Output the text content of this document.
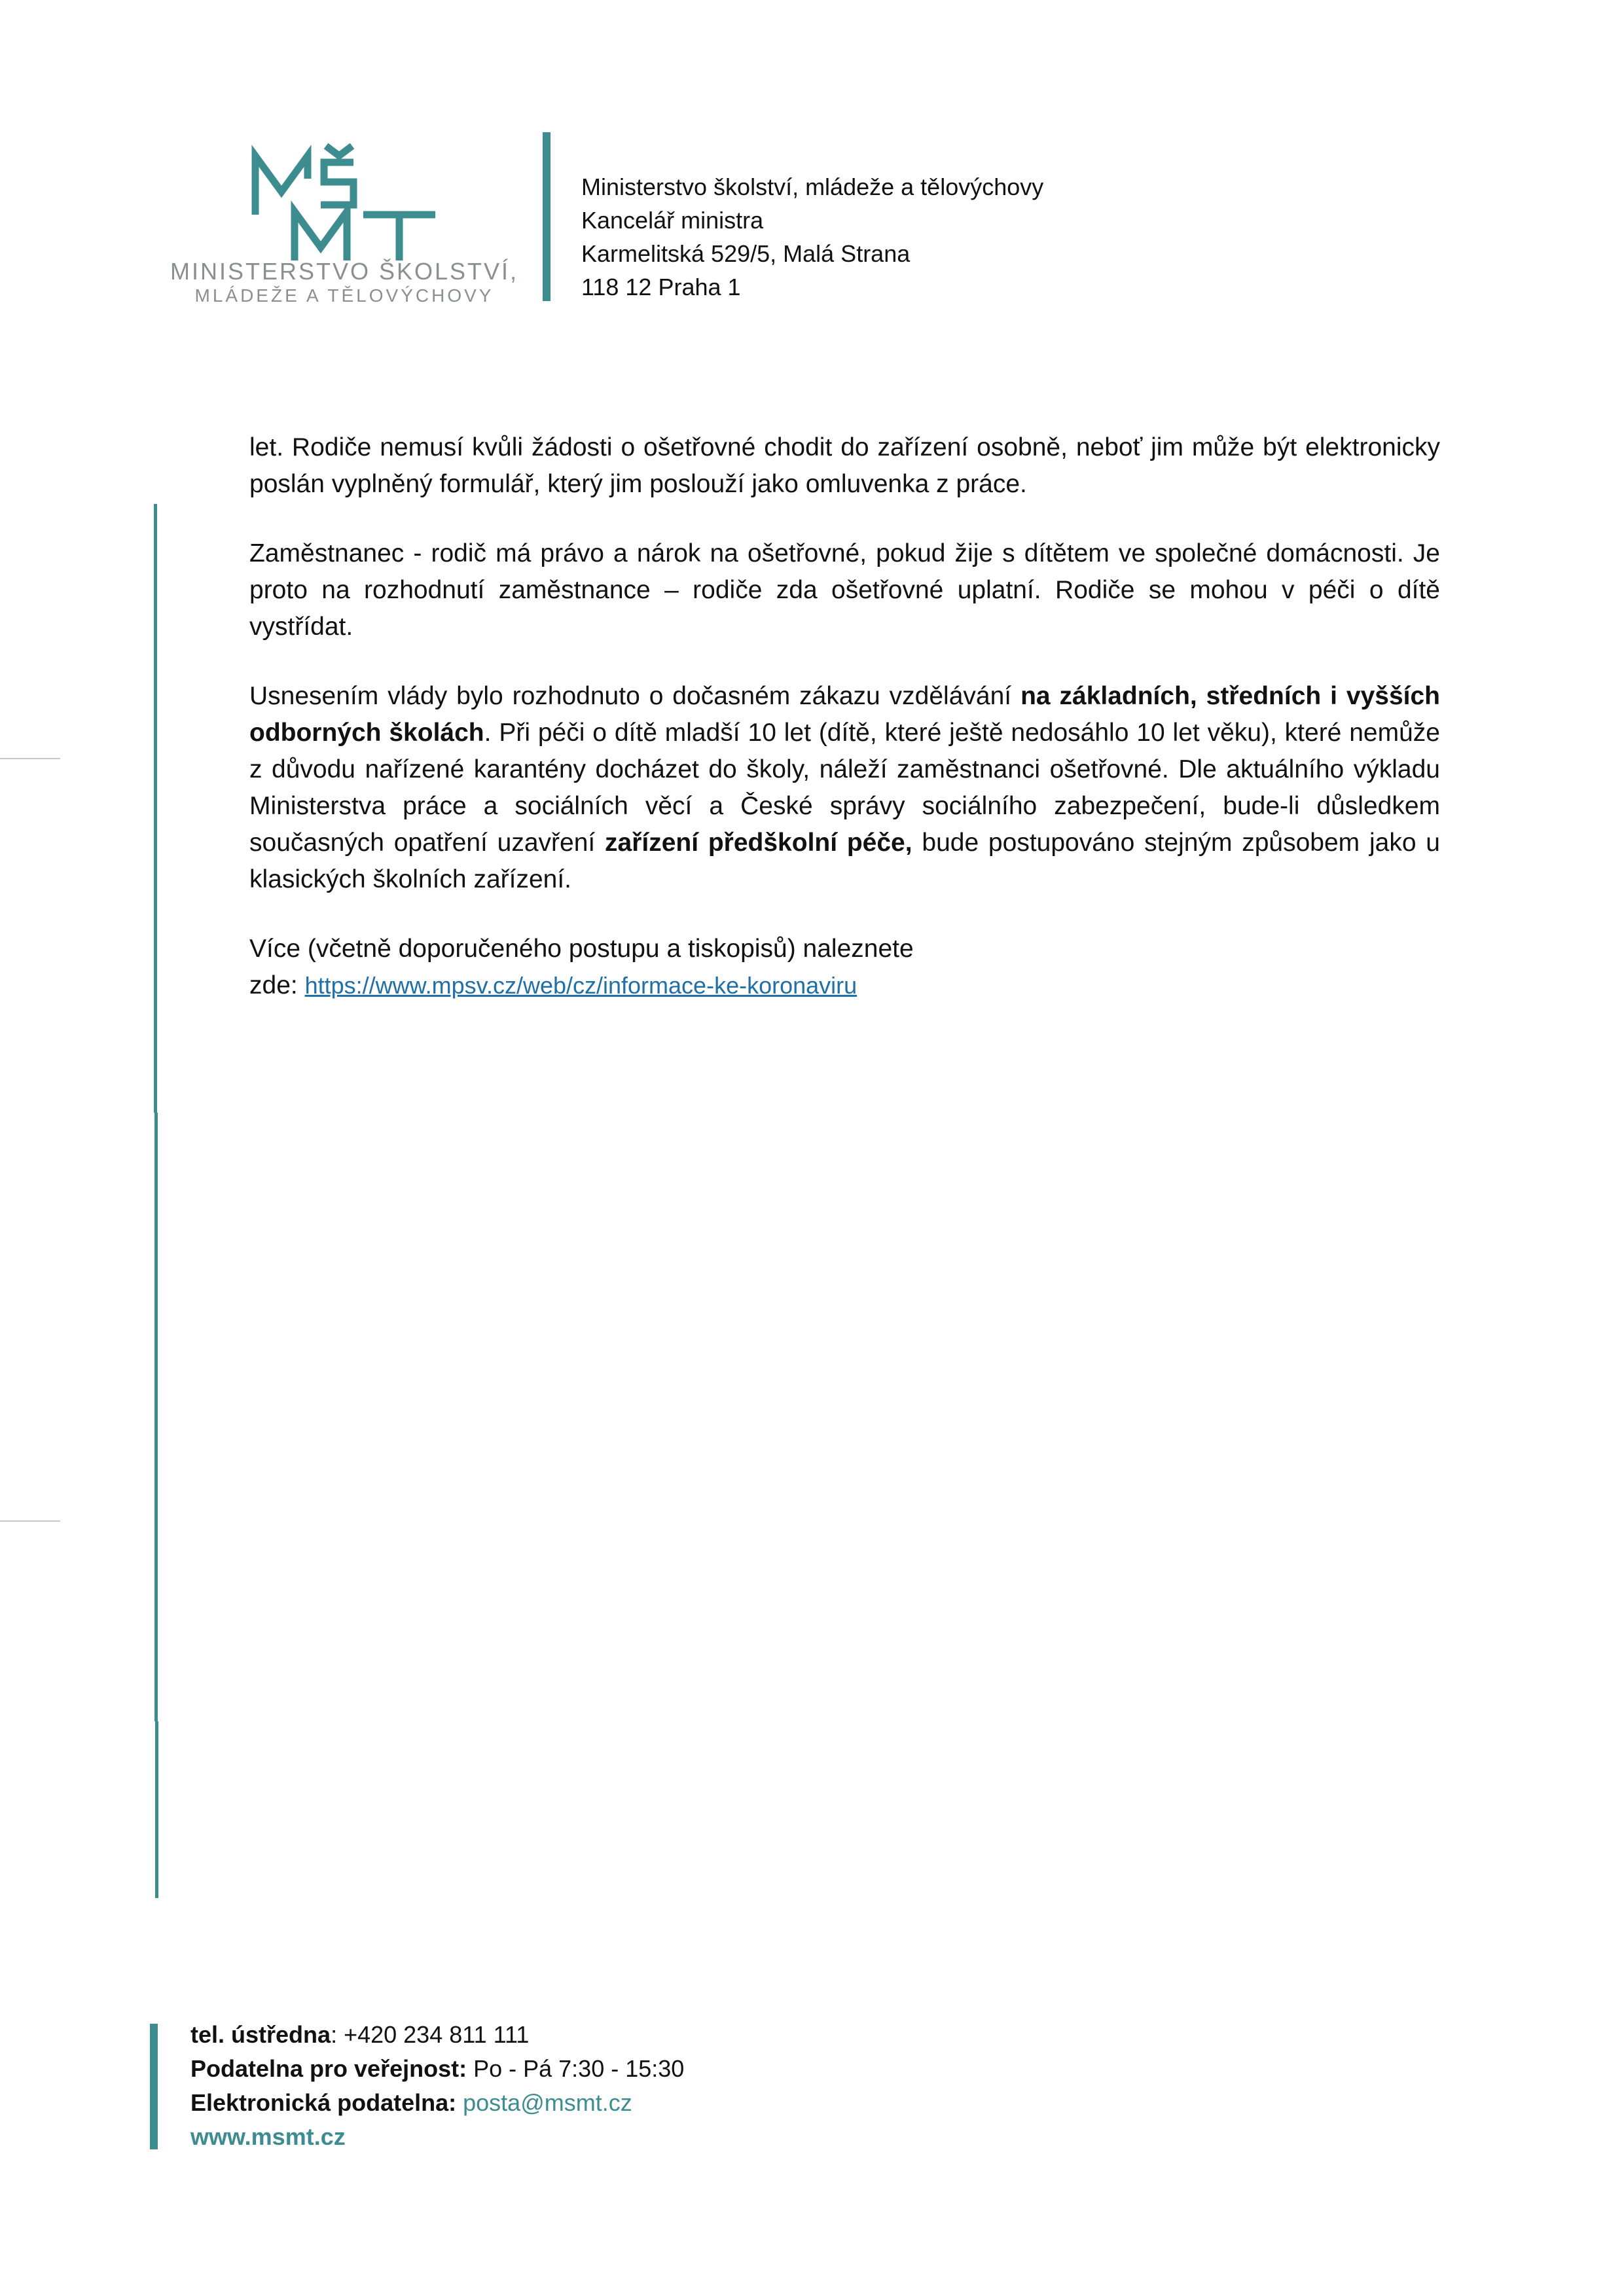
MINISTERSTVO ŠKOLSTVÍ,
MLÁDEŽE A TĚLOVÝCHOVY
Ministerstvo školství, mládeže a tělovýchovy
Kancelář ministra
Karmelitská 529/5, Malá Strana
118 12 Praha 1

let. Rodiče nemusí kvůli žádosti o ošetřovné chodit do zařízení osobně, neboť jim může být elektronicky poslán vyplněný formulář, který jim poslouží jako omluvenka z práce.

Zaměstnanec - rodič má právo a nárok na ošetřovné, pokud žije s dítětem ve společné domácnosti. Je proto na rozhodnutí zaměstnance – rodiče zda ošetřovné uplatní. Rodiče se mohou v péči o dítě vystřídat.

Usnesením vlády bylo rozhodnuto o dočasném zákazu vzdělávání na základních, středních i vyšších odborných školách. Při péči o dítě mladší 10 let (dítě, které ještě nedosáhlo 10 let věku), které nemůže z důvodu nařízené karantény docházet do školy, náleží zaměstnanci ošetřovné. Dle aktuálního výkladu Ministerstva práce a sociálních věcí a České správy sociálního zabezpečení, bude-li důsledkem současných opatření uzavření zařízení předškolní péče, bude postupováno stejným způsobem jako u klasických školních zařízení.

Více (včetně doporučeného postupu a tiskopisů) naleznete
zde: https://www.mpsv.cz/web/cz/informace-ke-koronaviru

tel. ústředna: +420 234 811 111
Podatelna pro veřejnost: Po - Pá 7:30 - 15:30
Elektronická podatelna: posta@msmt.cz
www.msmt.cz
